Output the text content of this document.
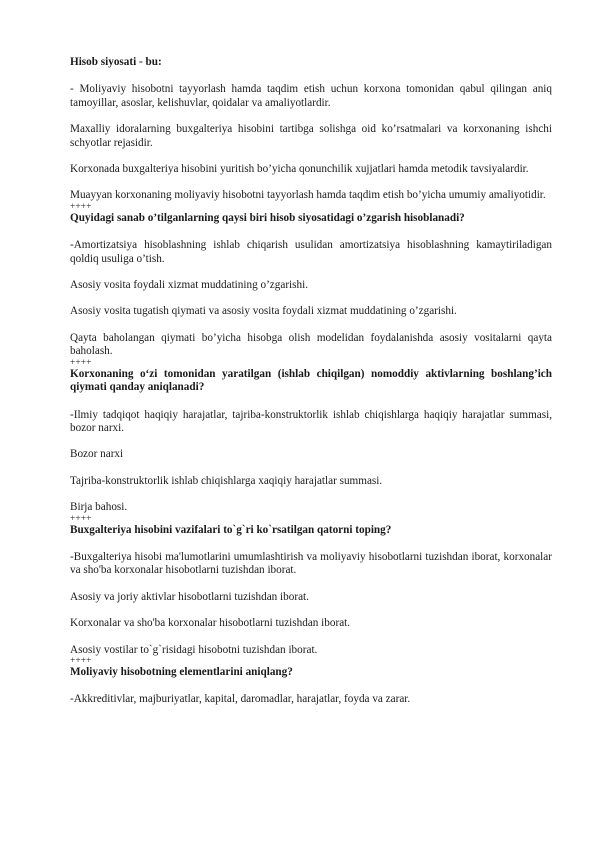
Hisob siyosati - bu:

- Moliyaviy hisobotni tayyorlash hamda taqdim etish uchun korxona tomonidan qabul qilingan aniq tamoyillar, asoslar, kelishuvlar, qoidalar va amaliyotlardir.

Maxalliy idoralarning buxgalteriya hisobini tartibga solishga oid ko’rsatmalari va korxonaning ishchi schyotlar rejasidir.

Korxonada buxgalteriya hisobini yuritish bo’yicha qonunchilik xujjatlari hamda metodik tavsiyalardir.

Muayyan korxonaning moliyaviy hisobotni tayyorlash hamda taqdim etish bo’yicha umumiy amaliyotidir.

++++

Quyidagi sanab o’tilganlarning qaysi biri hisob siyosatidagi o’zgarish hisoblanadi?

-Amortizatsiya hisoblashning ishlab chiqarish usulidan amortizatsiya hisoblashning kamaytiriladigan qoldiq usuliga o’tish.

Asosiy vosita foydali xizmat muddatining o’zgarishi.

Asosiy vosita tugatish qiymati va asosiy vosita foydali xizmat muddatining o’zgarishi.

Qayta baholangan qiymati bo’yicha hisobga olish modelidan foydalanishda asosiy vositalarni qayta baholash.

++++

Korxonaning o‘zi tomonidan yaratilgan (ishlab chiqilgan) nomoddiy aktivlarning boshlang’ich qiymati qanday aniqlanadi?

-Ilmiy tadqiqot haqiqiy harajatlar, tajriba-konstruktorlik ishlab chiqishlarga haqiqiy harajatlar summasi, bozor narxi.

Bozor narxi

Tajriba-konstruktorlik ishlab chiqishlarga xaqiqiy harajatlar summasi.

Birja bahosi.

++++

Buxgalteriya hisobini vazifalari to`g`ri ko`rsatilgan qatorni toping?

-Buxgalteriya hisobi ma'lumotlarini umumlashtirish va moliyaviy hisobotlarni tuzishdan iborat, korxonalar va sho'ba korxonalar hisobotlarni tuzishdan iborat.

Asosiy va joriy aktivlar hisobotlarni tuzishdan iborat.

Korxonalar va sho'ba korxonalar hisobotlarni tuzishdan iborat.

Asosiy vostilar to`g`risidagi hisobotni tuzishdan iborat.

++++

Moliyaviy hisobotning elementlarini aniqlang?

-Akkreditivlar, majburiyatlar, kapital, daromadlar, harajatlar, foyda va zarar.
